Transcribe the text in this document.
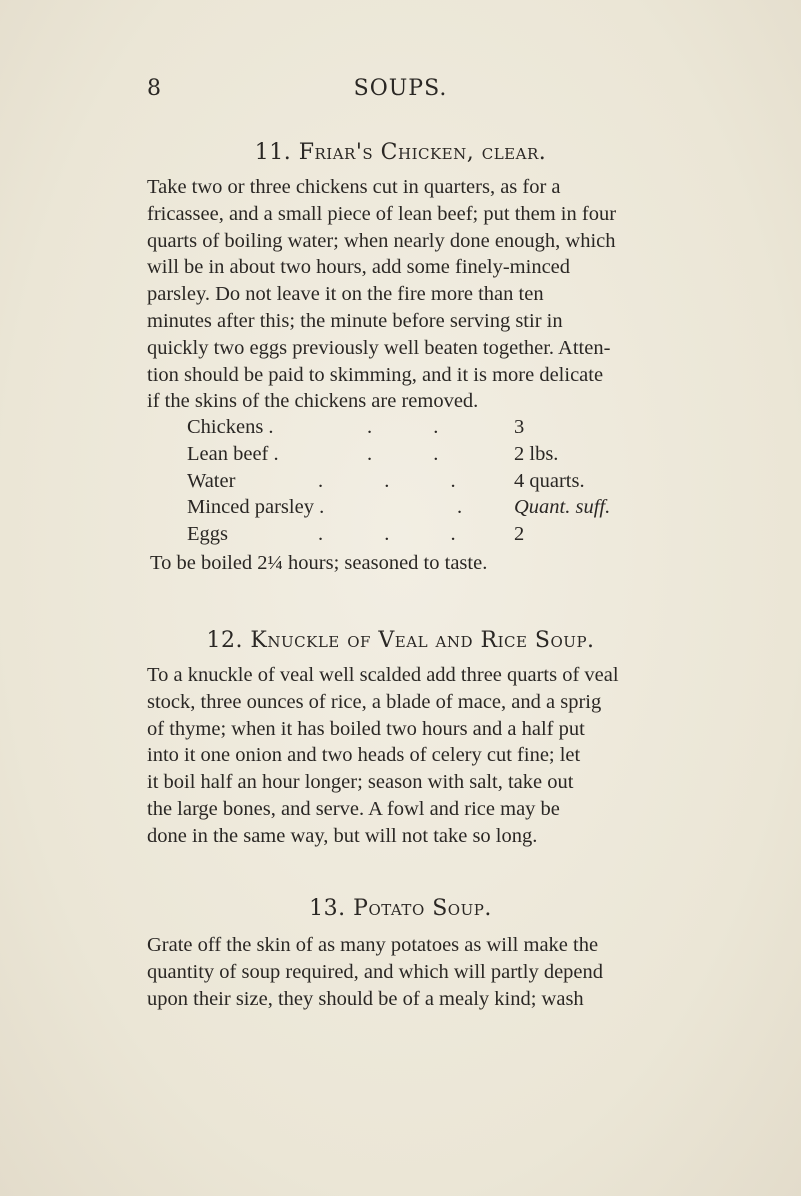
8	SOUPS.
11. Friar's Chicken, clear.
Take two or three chickens cut in quarters, as for a
fricassee, and a small piece of lean beef; put them in four
quarts of boiling water; when nearly done enough, which
will be in about two hours, add some finely-minced
parsley. Do not leave it on the fire more than ten
minutes after this; the minute before serving stir in
quickly two eggs previously well beaten together. Atten-
tion should be paid to skimming, and it is more delicate
if the skins of the chickens are removed.
Chickens .	. . 3
Lean beef .	. . 2 lbs.
Water	. . . 4 quarts.
Minced parsley .	. Quant. suff.
Eggs	. . . 2
To be boiled 2¼ hours; seasoned to taste.
12. Knuckle of Veal and Rice Soup.
To a knuckle of veal well scalded add three quarts of veal
stock, three ounces of rice, a blade of mace, and a sprig
of thyme; when it has boiled two hours and a half put
into it one onion and two heads of celery cut fine; let
it boil half an hour longer; season with salt, take out
the large bones, and serve. A fowl and rice may be
done in the same way, but will not take so long.
13. Potato Soup.
Grate off the skin of as many potatoes as will make the
quantity of soup required, and which will partly depend
upon their size, they should be of a mealy kind; wash
